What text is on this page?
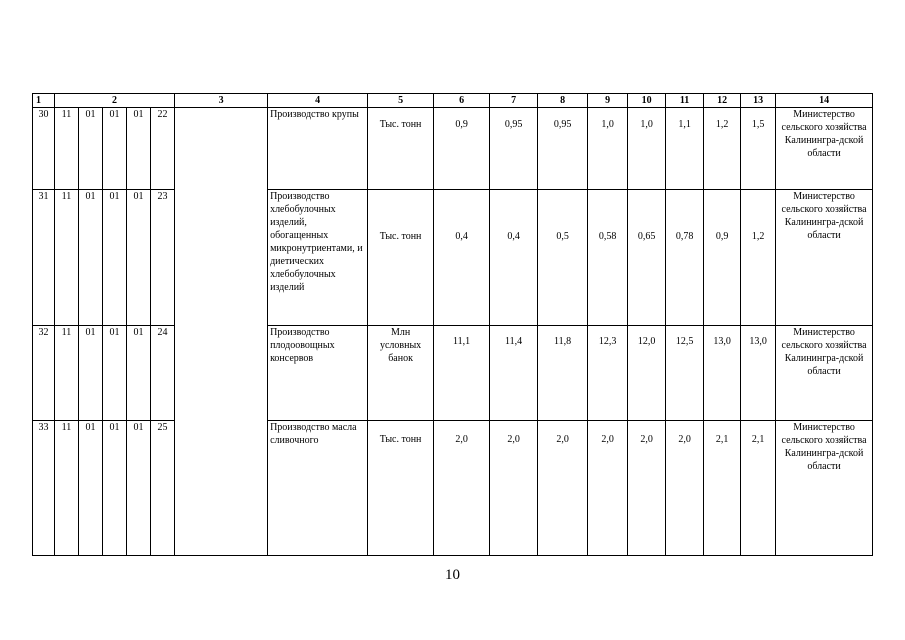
1	2					3	4	5	6	7	8	9	10	11	12	13	14
30	11	01	01	01	22		Производство крупы	Тыс. тонн	0,9	0,95	0,95	1,0	1,0	1,1	1,2	1,5	Министерство сельского хозяйства Калинингра-дской области
31	11	01	01	01	23		Производство хлебобулочных изделий, обогащенных микронутриентами, и диетических хлебобулочных изделий	Тыс. тонн	0,4	0,4	0,5	0,58	0,65	0,78	0,9	1,2	Министерство сельского хозяйства Калинингра-дской области
32	11	01	01	01	24		Производство плодоовощных консервов	Млн условных банок	11,1	11,4	11,8	12,3	12,0	12,5	13,0	13,0	Министерство сельского хозяйства Калинингра-дской области
33	11	01	01	01	25		Производство масла сливочного	Тыс. тонн	2,0	2,0	2,0	2,0	2,0	2,0	2,1	2,1	Министерство сельского хозяйства Калинингра-дской области
10
